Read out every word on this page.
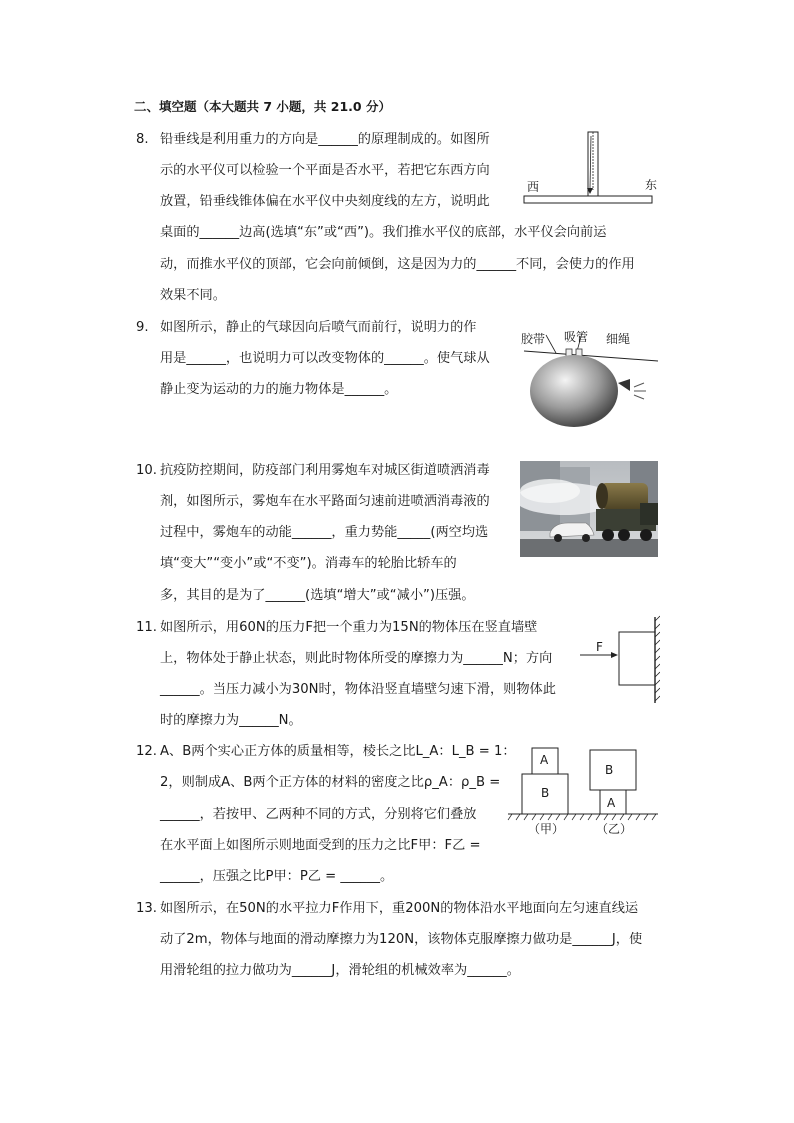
二、填空题（本大题共 7 小题，共 21.0 分）
8. 铅垂线是利用重力的方向是______的原理制成的。如图所
示的水平仪可以检验一个平面是否水平，若把它东西方向
放置，铅垂线锥体偏在水平仪中央刻度线的左方，说明此
桌面的______边高(选填“东”或“西”)。我们推水平仪的底部，水平仪会向前运
动，而推水平仪的顶部，它会向前倾倒，这是因为力的______不同，会使力的作用
效果不同。
西	东
9. 如图所示，静止的气球因向后喷气而前行，说明力的作
用是______，也说明力可以改变物体的______。使气球从
静止变为运动的力的施力物体是______。
胶带 吸管 细绳
10. 抗疫防控期间，防疫部门利用雾炮车对城区街道喷洒消毒
剂，如图所示，雾炮车在水平路面匀速前进喷洒消毒液的
过程中，雾炮车的动能______，重力势能_____(两空均选
填“变大”“变小”或“不变”)。消毒车的轮胎比轿车的
多，其目的是为了______(选填“增大”或“减小”)压强。
11. 如图所示，用60N的压力F把一个重力为15N的物体压在竖直墙壁
上，物体处于静止状态，则此时物体所受的摩擦力为______N；方向
______。当压力减小为30N时，物体沿竖直墙壁匀速下滑，则物体此
时的摩擦力为______N。
F
12. A、B两个实心正方体的质量相等，棱长之比L_A：L_B = 1：
2，则制成A、B两个正方体的材料的密度之比ρ_A：ρ_B =
______，若按甲、乙两种不同的方式，分别将它们叠放
在水平面上如图所示则地面受到的压力之比F甲：F乙 =
______，压强之比P甲：P乙 = ______。
A
B
B
A
（甲）	（乙）
13. 如图所示，在50N的水平拉力F作用下，重200N的物体沿水平地面向左匀速直线运
动了2m，物体与地面的滑动摩擦力为120N，该物体克服摩擦力做功是______J，使
用滑轮组的拉力做功为______J，滑轮组的机械效率为______。
